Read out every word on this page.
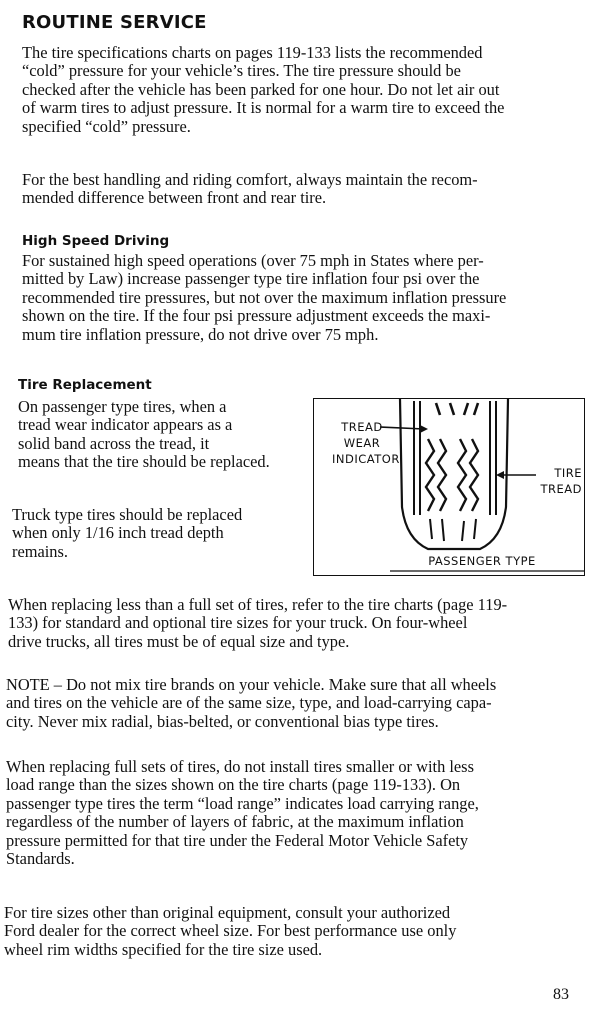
ROUTINE SERVICE
The tire specifications charts on pages 119-133 lists the recommended
“cold” pressure for your vehicle’s tires. The tire pressure should be
checked after the vehicle has been parked for one hour. Do not let air out
of warm tires to adjust pressure. It is normal for a warm tire to exceed the
specified “cold” pressure.
For the best handling and riding comfort, always maintain the recom-
mended difference between front and rear tire.
High Speed Driving
For sustained high speed operations (over 75 mph in States where per-
mitted by Law) increase passenger type tire inflation four psi over the
recommended tire pressures, but not over the maximum inflation pressure
shown on the tire. If the four psi pressure adjustment exceeds the maxi-
mum tire inflation pressure, do not drive over 75 mph.
Tire Replacement
On passenger type tires, when a
tread wear indicator appears as a
solid band across the tread, it
means that the tire should be replaced.
Truck type tires should be replaced
when only 1/16 inch tread depth
remains.
TREAD
WEAR
INDICATOR
TIRE
TREAD
PASSENGER TYPE
When replacing less than a full set of tires, refer to the tire charts (page 119-
133) for standard and optional tire sizes for your truck. On four-wheel
drive trucks, all tires must be of equal size and type.
NOTE – Do not mix tire brands on your vehicle. Make sure that all wheels
and tires on the vehicle are of the same size, type, and load-carrying capa-
city. Never mix radial, bias-belted, or conventional bias type tires.
When replacing full sets of tires, do not install tires smaller or with less
load range than the sizes shown on the tire charts (page 119-133). On
passenger type tires the term “load range” indicates load carrying range,
regardless of the number of layers of fabric, at the maximum inflation
pressure permitted for that tire under the Federal Motor Vehicle Safety
Standards.
For tire sizes other than original equipment, consult your authorized
Ford dealer for the correct wheel size. For best performance use only
wheel rim widths specified for the tire size used.
83
